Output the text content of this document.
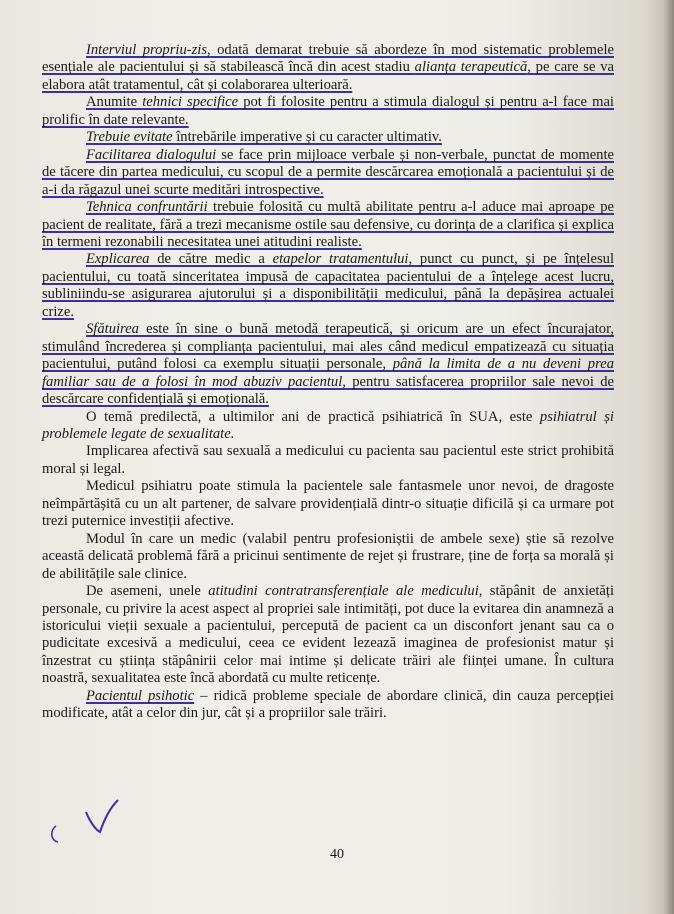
Interviul propriu-zis, odată demarat trebuie să abordeze în mod sistematic problemele esențiale ale pacientului și să stabilească încă din acest stadiu alianța terapeutică, pe care se va elabora atât tratamentul, cât și colaborarea ulterioară.

Anumite tehnici specifice pot fi folosite pentru a stimula dialogul și pentru a-l face mai prolific în date relevante.

Trebuie evitate întrebările imperative și cu caracter ultimativ.

Facilitarea dialogului se face prin mijloace verbale și non-verbale, punctat de momente de tăcere din partea medicului, cu scopul de a permite descărcarea emoțională a pacientului și de a-i da răgazul unei scurte meditări introspective.

Tehnica confruntării trebuie folosită cu multă abilitate pentru a-l aduce mai aproape pe pacient de realitate, fără a trezi mecanisme ostile sau defensive, cu dorința de a clarifica și explica în termeni rezonabili necesitatea unei atitudini realiste.

Explicarea de către medic a etapelor tratamentului, punct cu punct, și pe înțelesul pacientului, cu toată sinceritatea impusă de capacitatea pacientului de a înțelege acest lucru, subliniindu-se asigurarea ajutorului și a disponibilității medicului, până la depășirea actualei crize.

Sfătuirea este în sine o bună metodă terapeutică, și oricum are un efect încurajator, stimulând încrederea și complianța pacientului, mai ales când medicul empatizează cu situația pacientului, putând folosi ca exemplu situații personale, până la limita de a nu deveni prea familiar sau de a folosi în mod abuziv pacientul, pentru satisfacerea propriilor sale nevoi de descărcare confidențială și emoțională.

O temă predilectă, a ultimilor ani de practică psihiatrică în SUA, este psihiatrul și problemele legate de sexualitate.

Implicarea afectivă sau sexuală a medicului cu pacienta sau pacientul este strict prohibită moral și legal.

Medicul psihiatru poate stimula la pacientele sale fantasmele unor nevoi, de dragoste neîmpărtășită cu un alt partener, de salvare providențială dintr-o situație dificilă și ca urmare pot trezi puternice investiții afective.

Modul în care un medic (valabil pentru profesioniștii de ambele sexe) știe să rezolve această delicată problemă fără a pricinui sentimente de rejet și frustrare, ține de forța sa morală și de abilitățile sale clinice.

De asemeni, unele atitudini contratransferențiale ale medicului, stăpânit de anxietăți personale, cu privire la acest aspect al propriei sale intimități, pot duce la evitarea din anamneză a istoricului vieții sexuale a pacientului, percepută de pacient ca un disconfort jenant sau ca o pudicitate excesivă a medicului, ceea ce evident lezează imaginea de profesionist matur și înzestrat cu știința stăpânirii celor mai intime și delicate trăiri ale ființei umane. În cultura noastră, sexualitatea este încă abordată cu multe reticențe.

Pacientul psihotic – ridică probleme speciale de abordare clinică, din cauza percepției modificate, atât a celor din jur, cât și a propriilor sale trăiri.

40
